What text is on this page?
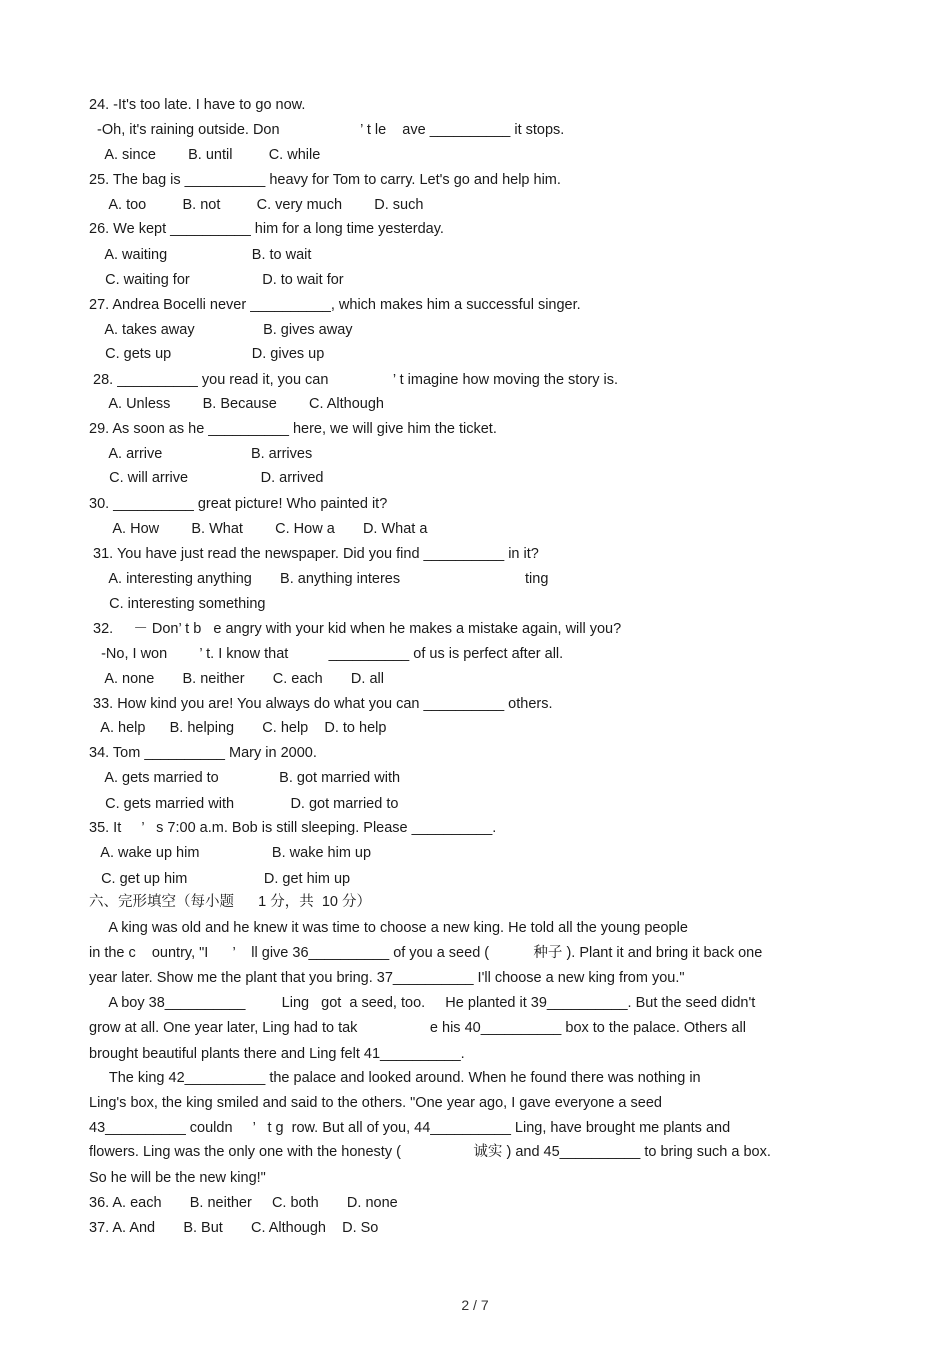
24. -It's too late. I have to go now.
-Oh, it's raining outside. Don                    ’ t le    ave __________ it stops.
A. since        B. until         C. while
25. The bag is __________ heavy for Tom to carry. Let's go and help him.
A. too         B. not         C. very much        D. such
26. We kept __________ him for a long time yesterday.
A. waiting                     B. to wait
C. waiting for                  D. to wait for
27. Andrea Bocelli never __________, which makes him a successful singer.
A. takes away                 B. gives away
C. gets up                    D. gives up
28. __________ you read it, you can                ’ t imagine how moving the story is.
A. Unless        B. Because        C. Although
29. As soon as he __________ here, we will give him the ticket.
A. arrive                      B. arrives
C. will arrive                  D. arrived
30. __________ great picture! Who painted it?
A. How        B. What        C. How a       D. What a
31. You have just read the newspaper. Did you find __________ in it?
A. interesting anything       B. anything interes                               ting
C. interesting something
32.     － Don’ t b   e angry with your kid when he makes a mistake again, will you?
-No, I won        ’ t. I know that          __________ of us is perfect after all.
A. none       B. neither       C. each       D. all
33. How kind you are! You always do what you can __________ others.
A. help      B. helping       C. help    D. to help
34. Tom __________ Mary in 2000.
A. gets married to               B. got married with
C. gets married with              D. got married to
35. It     ’   s 7:00 a.m. Bob is still sleeping. Please __________.
A. wake up him                  B. wake him up
C. get up him                   D. get him up
六、完形填空（每小题      1 分，共  10 分）
A king was old and he knew it was time to choose a new king. He told all the young people
in the c    ountry, "I      ’    ll give 36__________ of you a seed (           种子 ). Plant it and bring it back one
year later. Show me the plant that you bring. 37__________ I'll choose a new king from you."
A boy 38__________         Ling   got  a seed, too.     He planted it 39__________. But the seed didn't
grow at all. One year later, Ling had to tak                  e his 40__________ box to the palace. Others all
brought beautiful plants there and Ling felt 41__________.
The king 42__________ the palace and looked around. When he found there was nothing in
Ling's box, the king smiled and said to the others. "One year ago, I gave everyone a seed
43__________ couldn     ’   t g  row. But all of you, 44__________ Ling, have brought me plants and
flowers. Ling was the only one with the honesty (                  诚实 ) and 45__________ to bring such a box.
So he will be the new king!"
36. A. each       B. neither     C. both       D. none
37. A. And       B. But       C. Although    D. So
2 / 7
